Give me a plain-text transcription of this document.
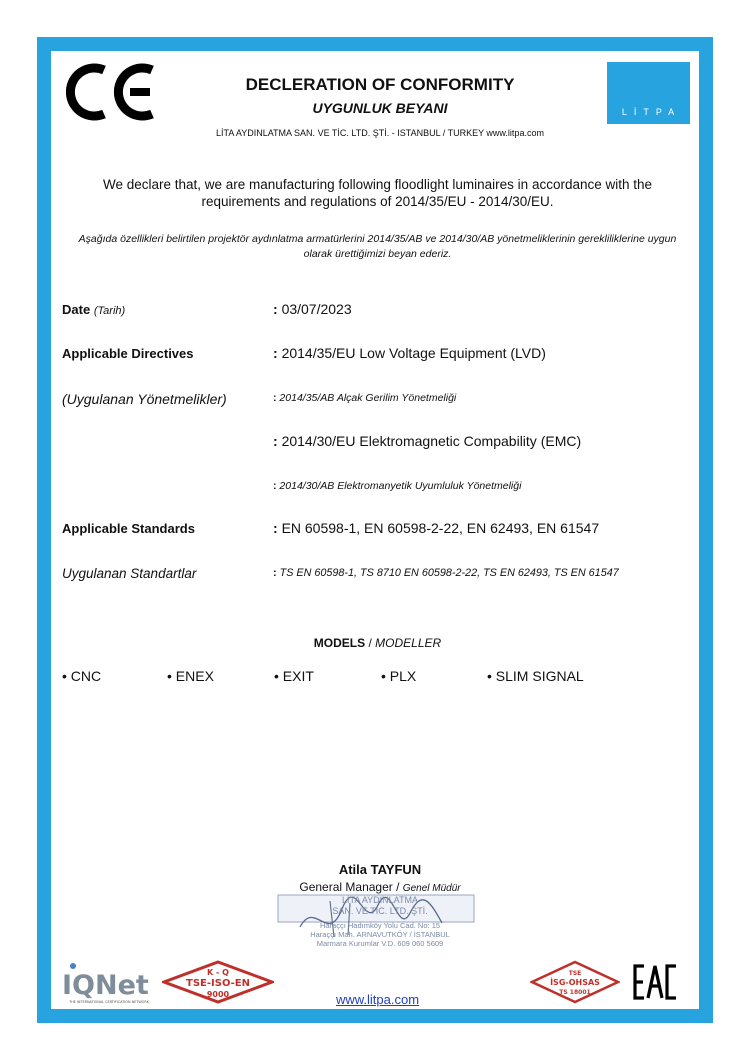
DECLERATION OF CONFORMITY
UYGUNLUK BEYANI
LİTA AYDINLATMA SAN. VE TİC. LTD. ŞTİ. - ISTANBUL / TURKEY www.litpa.com
LİTPA
We declare that, we are manufacturing following floodlight luminaires in accordance with the requirements and regulations of 2014/35/EU - 2014/30/EU.
Aşağıda özellikleri belirtilen projektör aydınlatma armatürlerini 2014/35/AB ve 2014/30/AB yönetmeliklerinin gerekliliklerine uygun olarak ürettiğimizi beyan ederiz.
Date (Tarih)	: 03/07/2023
Applicable Directives	: 2014/35/EU Low Voltage Equipment (LVD)
(Uygulanan Yönetmelikler)	: 2014/35/AB Alçak Gerilim Yönetmeliği
: 2014/30/EU Elektromagnetic Compability (EMC)
: 2014/30/AB Elektromanyetik Uyumluluk Yönetmeliği
Applicable Standards	: EN 60598-1, EN 60598-2-22, EN 62493, EN 61547
Uygulanan Standartlar	: TS EN 60598-1, TS 8710 EN 60598-2-22, TS EN 62493, TS EN 61547
MODELS / MODELLER
• CNC	• ENEX	• EXIT	• PLX	• SLIM SIGNAL
Atila TAYFUN
General Manager / Genel Müdür
LİTA AYDINLATMA
SAN. VE TİC. LTD. ŞTİ.
Haraççı Hadımköy Yolu Cad. No: 15
Haraççı Mah. ARNAVUTKÖY / İSTANBUL
Marmara Kurumlar V.D. 609 060 5609
IQNet
THE INTERNATIONAL CERTIFICATION NETWORK
K - Q
TSE-ISO-EN
9000	www.litpa.com
TSE
İSG-OHSAS
TS 18001
